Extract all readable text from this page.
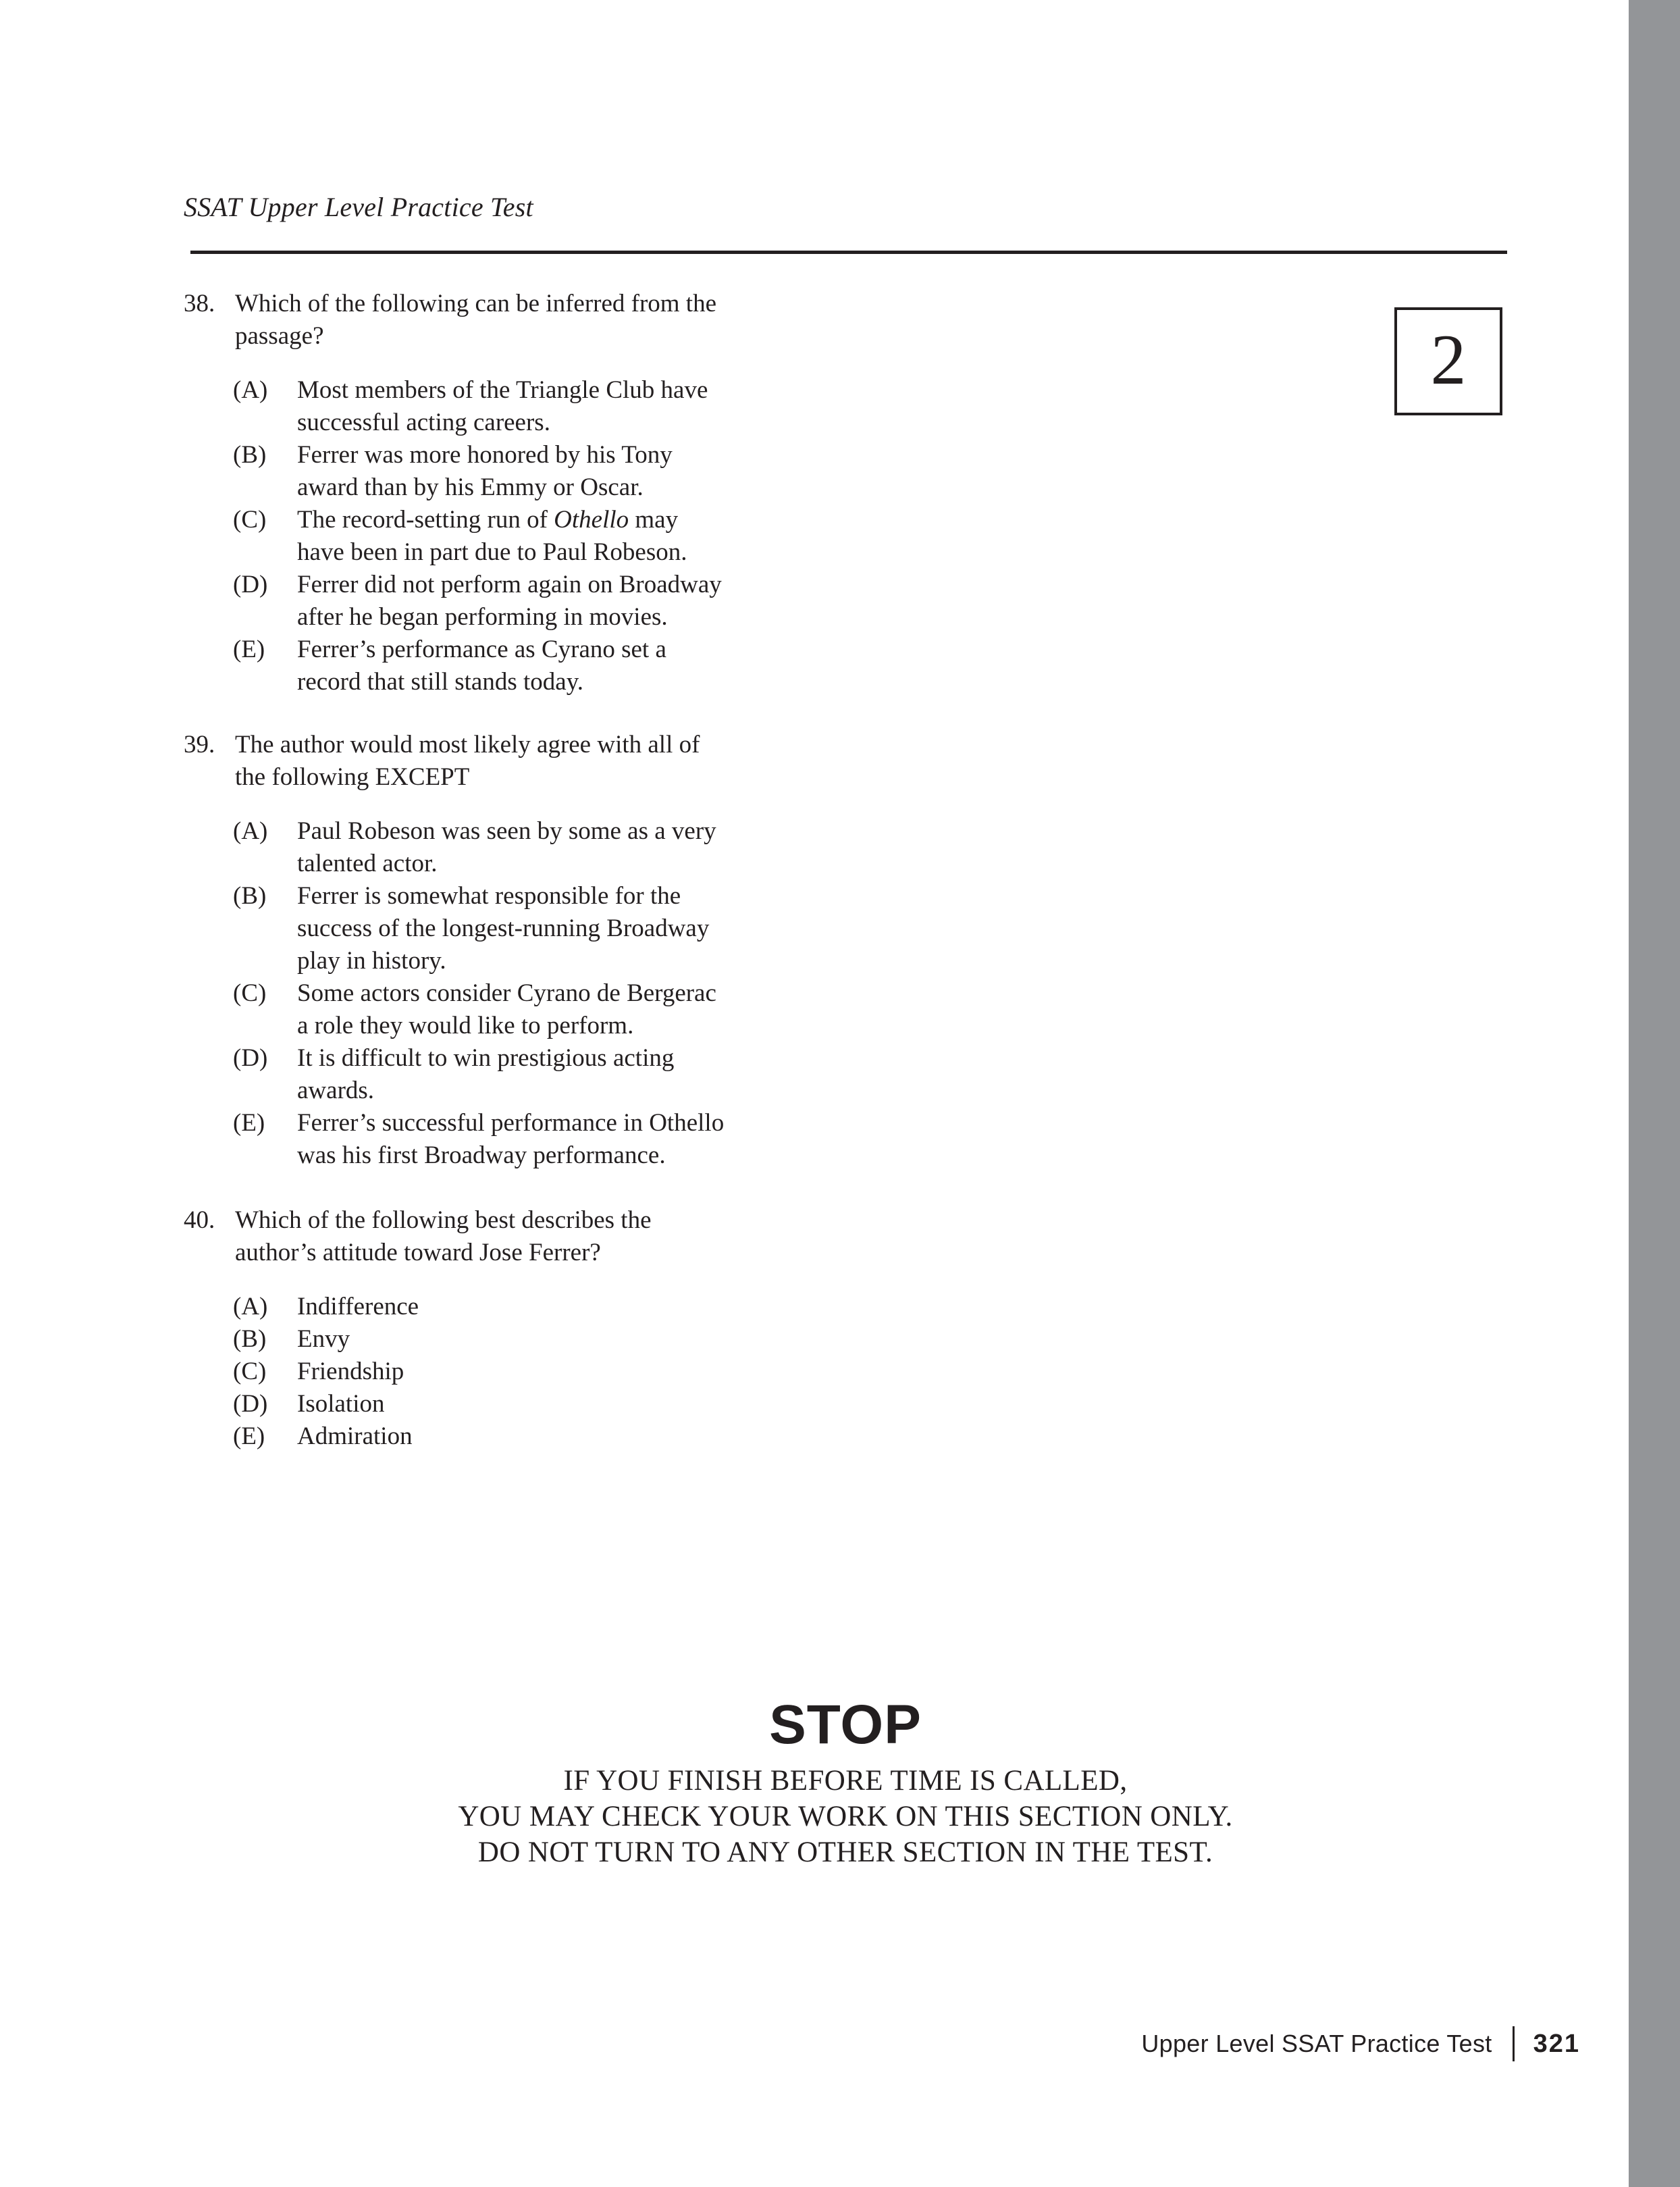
SSAT Upper Level Practice Test
2
38. Which of the following can be inferred from the passage?
(A)	Most members of the Triangle Club have successful acting careers.
(B)	Ferrer was more honored by his Tony award than by his Emmy or Oscar.
(C)	The record-setting run of Othello may have been in part due to Paul Robeson.
(D)	Ferrer did not perform again on Broadway after he began performing in movies.
(E)	Ferrer’s performance as Cyrano set a record that still stands today.
39. The author would most likely agree with all of the following EXCEPT
(A)	Paul Robeson was seen by some as a very talented actor.
(B)	Ferrer is somewhat responsible for the success of the longest-running Broadway play in history.
(C)	Some actors consider Cyrano de Bergerac a role they would like to perform.
(D)	It is difficult to win prestigious acting awards.
(E)	Ferrer’s successful performance in Othello was his first Broadway performance.
40. Which of the following best describes the author’s attitude toward Jose Ferrer?
(A)	Indifference
(B)	Envy
(C)	Friendship
(D)	Isolation
(E)	Admiration
STOP
IF YOU FINISH BEFORE TIME IS CALLED,
YOU MAY CHECK YOUR WORK ON THIS SECTION ONLY.
DO NOT TURN TO ANY OTHER SECTION IN THE TEST.
Upper Level SSAT Practice Test 321
